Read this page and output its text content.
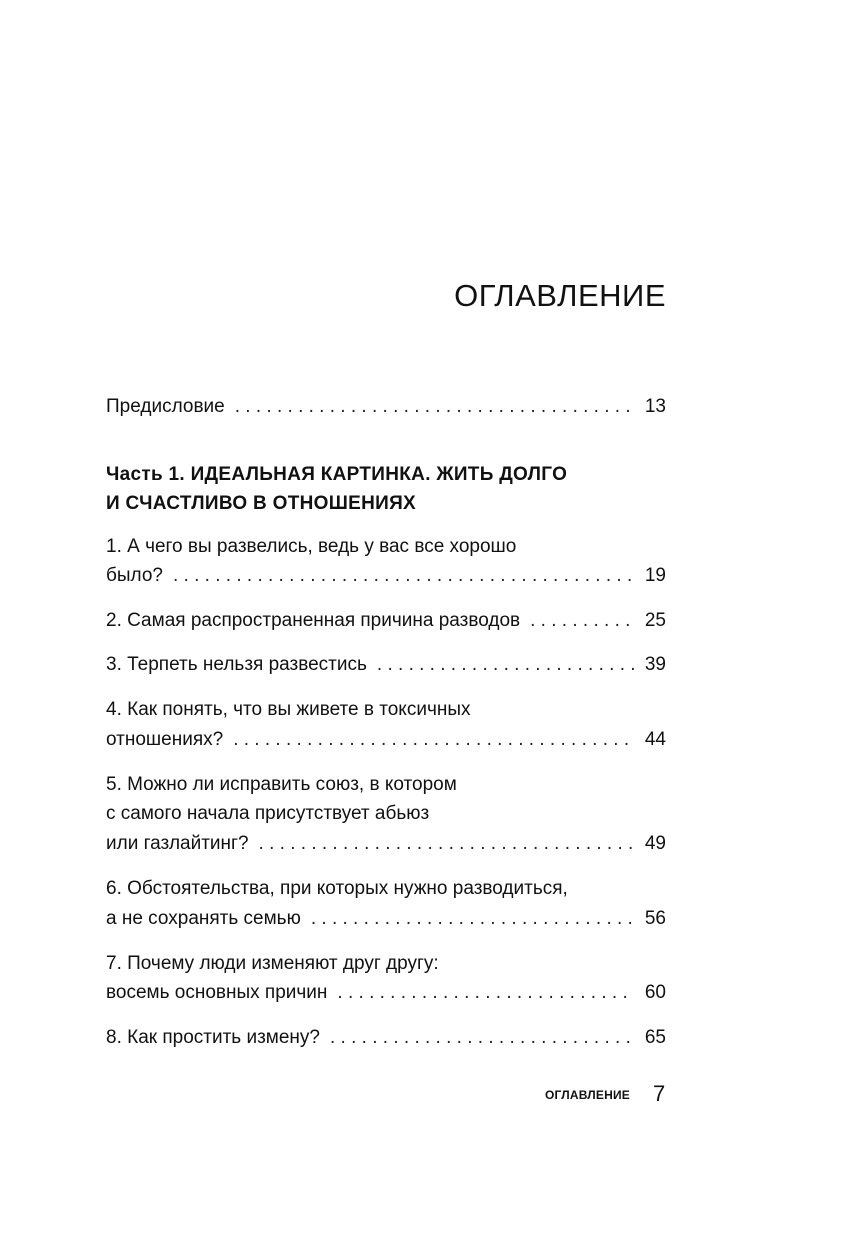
ОГЛАВЛЕНИЕ
Предисловие . . .	13
Часть 1. ИДЕАЛЬНАЯ КАРТИНКА. ЖИТЬ ДОЛГО
И СЧАСТЛИВО В ОТНОШЕНИЯХ
1. А чего вы развелись, ведь у вас все хорошо
было? . . .	19
2. Самая распространенная причина разводов . . .	25
3. Терпеть нельзя развестись . . .	39
4. Как понять, что вы живете в токсичных
отношениях? . . .	44
5. Можно ли исправить союз, в котором
с самого начала присутствует абьюз
или газлайтинг? . . .	49
6. Обстоятельства, при которых нужно разводиться,
а не сохранять семью . . .	56
7. Почему люди изменяют друг другу:
восемь основных причин . . .	60
8. Как простить измену? . . .	65
ОГЛАВЛЕНИЕ 7
